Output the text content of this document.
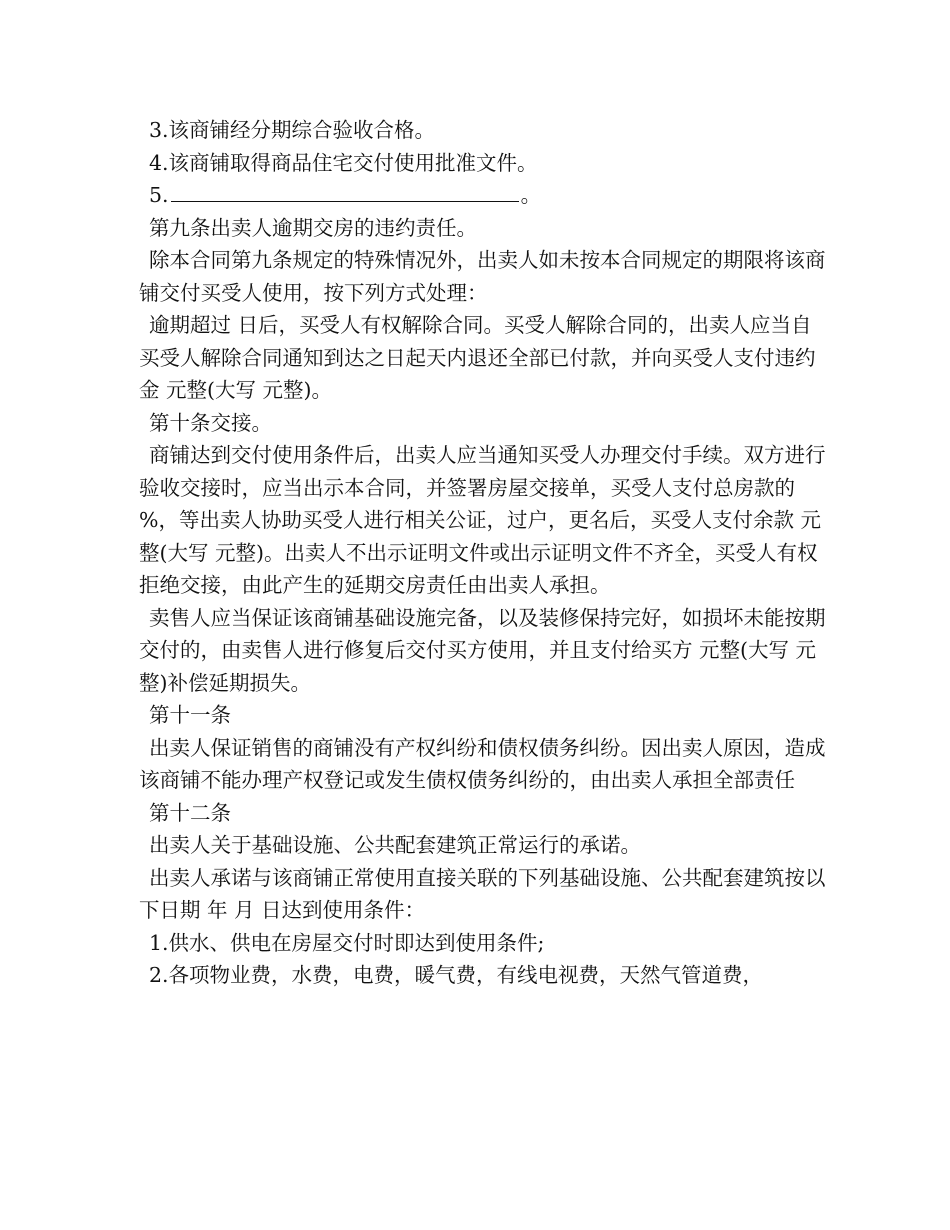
3.该商铺经分期综合验收合格。

4.该商铺取得商品住宅交付使用批准文件。

5.	。

第九条出卖人逾期交房的违约责任。

除本合同第九条规定的特殊情况外，出卖人如未按本合同规定的期限将该商铺交付买受人使用，按下列方式处理：

逾期超过 日后，买受人有权解除合同。买受人解除合同的，出卖人应当自买受人解除合同通知到达之日起天内退还全部已付款，并向买受人支付违约金 元整(大写 元整)。

第十条交接。

商铺达到交付使用条件后，出卖人应当通知买受人办理交付手续。双方进行验收交接时，应当出示本合同，并签署房屋交接单，买受人支付总房款的 %，等出卖人协助买受人进行相关公证，过户，更名后，买受人支付余款 元整(大写 元整)。出卖人不出示证明文件或出示证明文件不齐全，买受人有权拒绝交接，由此产生的延期交房责任由出卖人承担。

卖售人应当保证该商铺基础设施完备，以及装修保持完好，如损坏未能按期交付的，由卖售人进行修复后交付买方使用，并且支付给买方 元整(大写 元整)补偿延期损失。

第十一条

出卖人保证销售的商铺没有产权纠纷和债权债务纠纷。因出卖人原因，造成该商铺不能办理产权登记或发生债权债务纠纷的，由出卖人承担全部责任

第十二条

出卖人关于基础设施、公共配套建筑正常运行的承诺。

出卖人承诺与该商铺正常使用直接关联的下列基础设施、公共配套建筑按以下日期 年 月 日达到使用条件：

1.供水、供电在房屋交付时即达到使用条件;

2.各项物业费，水费，电费，暖气费，有线电视费，天然气管道费，
